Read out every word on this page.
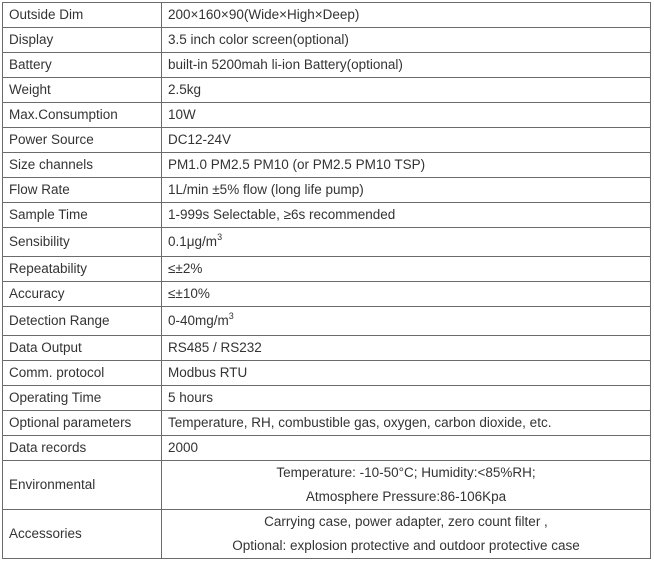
Outside Dim	200×160×90(Wide×High×Deep)
Display	3.5 inch color screen(optional)
Battery	built-in 5200mah li-ion Battery(optional)
Weight	2.5kg
Max.Consumption	10W
Power Source	DC12-24V
Size channels	PM1.0 PM2.5 PM10 (or PM2.5 PM10 TSP)
Flow Rate	1L/min ±5% flow (long life pump)
Sample Time	1-999s Selectable, ≥6s recommended
Sensibility	$0.1\mu g/m^3$
Repeatability	≤±2%
Accuracy	≤±10%
Detection Range	$0-40mg/m^3$
Data Output	RS485 / RS232
Comm. protocol	Modbus RTU
Operating Time	5 hours
Optional parameters	Temperature, RH, combustible gas, oxygen, carbon dioxide, etc.
Data records	2000
Environmental	Temperature: -10-50°C; Humidity:<85%RH;
Atmosphere Pressure:86-106Kpa

Accessories	Carrying case, power adapter, zero count filter ,
Optional: explosion protective and outdoor protective case
